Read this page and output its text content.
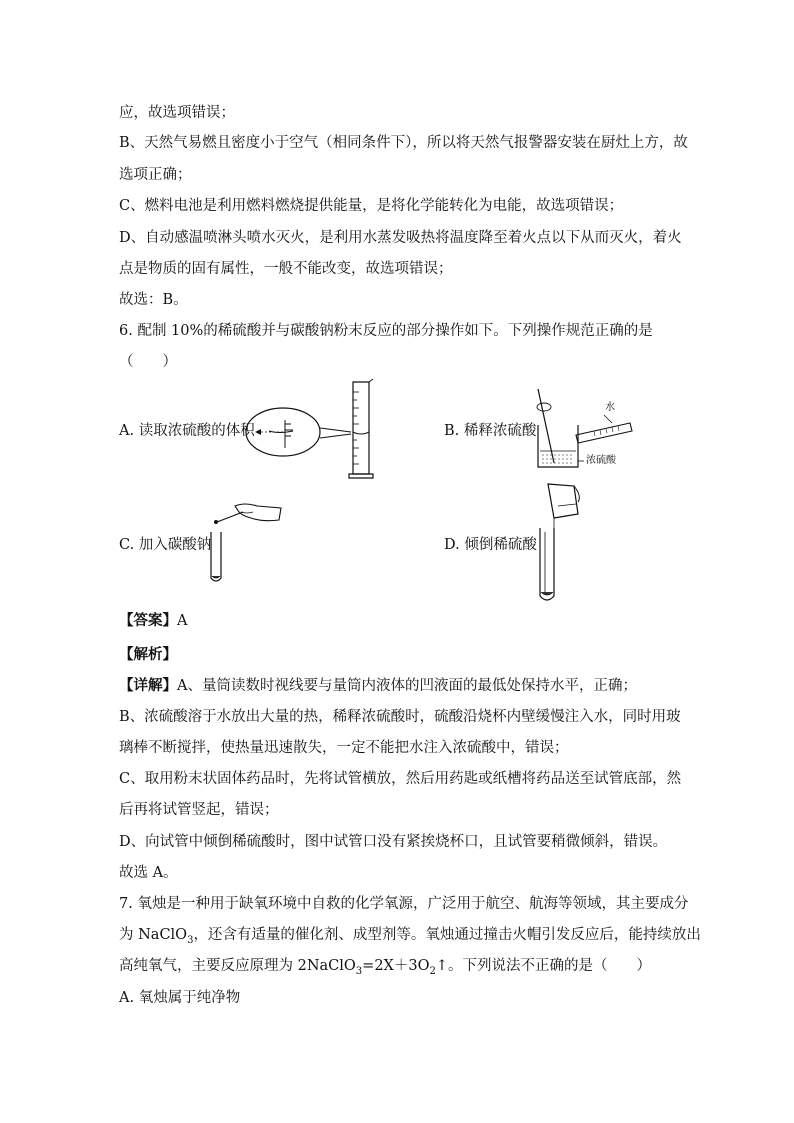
应，故选项错误；
B、天然气易燃且密度小于空气（相同条件下），所以将天然气报警器安装在厨灶上方，故
选项正确；
C、燃料电池是利用燃料燃烧提供能量，是将化学能转化为电能，故选项错误；
D、自动感温喷淋头喷水灭火，是利用水蒸发吸热将温度降至着火点以下从而灭火，着火
点是物质的固有属性，一般不能改变，故选项错误；
故选：B。
6. 配制 10%的稀硫酸并与碳酸钠粉末反应的部分操作如下。下列操作规范正确的是
（　　）
A. 读取浓硫酸的体积	B. 稀释浓硫酸
水
浓硫酸
C. 加入碳酸钠	D. 倾倒稀硫酸
【答案】A
【解析】
【详解】A、量筒读数时视线要与量筒内液体的凹液面的最低处保持水平，正确；
B、浓硫酸溶于水放出大量的热，稀释浓硫酸时，硫酸沿烧杯内壁缓慢注入水，同时用玻
璃棒不断搅拌，使热量迅速散失，一定不能把水注入浓硫酸中，错误；
C、取用粉末状固体药品时，先将试管横放，然后用药匙或纸槽将药品送至试管底部，然
后再将试管竖起，错误；
D、向试管中倾倒稀硫酸时，图中试管口没有紧挨烧杯口，且试管要稍微倾斜，错误。
故选 A。
7. 氧烛是一种用于缺氧环境中自救的化学氧源，广泛用于航空、航海等领域，其主要成分
为 NaClO$_3$，还含有适量的催化剂、成型剂等。氧烛通过撞击火帽引发反应后，能持续放出
高纯氧气，主要反应原理为 $2NaClO_3=2X+3O_2↑$。下列说法不正确的是（　　）
A. 氧烛属于纯净物
